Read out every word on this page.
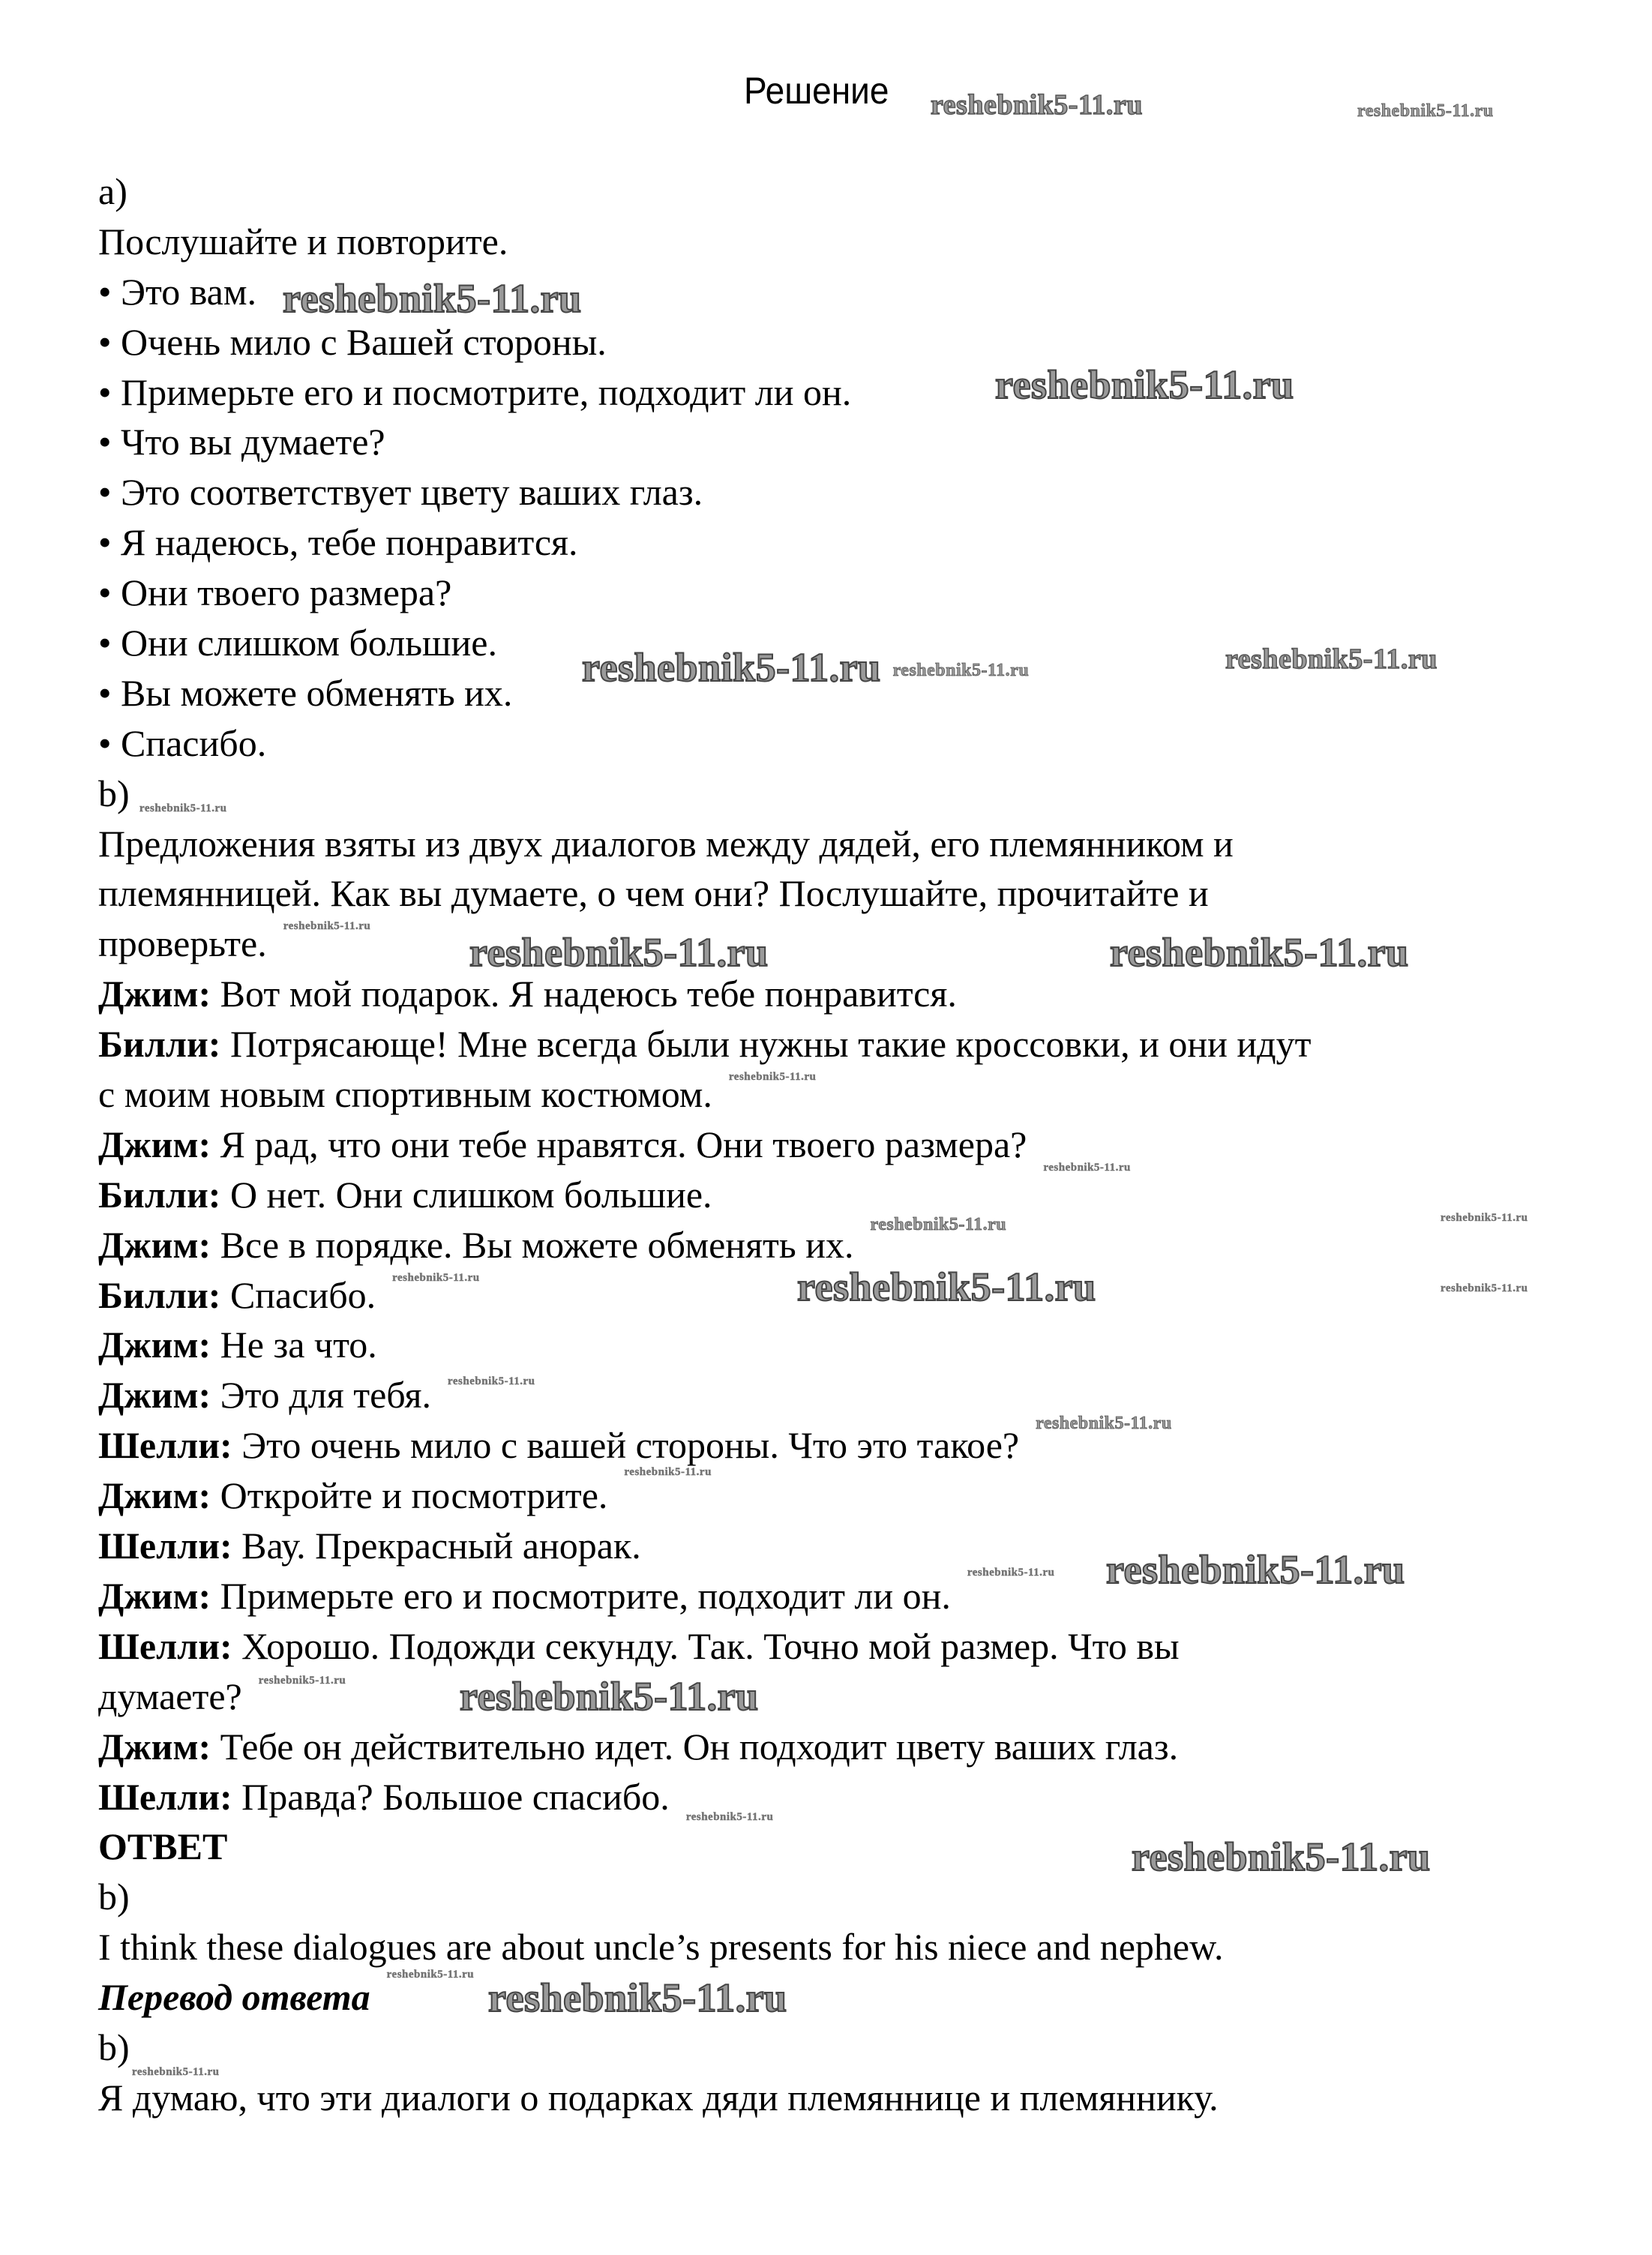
Решение
a)
Послушайте и повторите.
• Это вам.
• Очень мило с Вашей стороны.
• Примерьте его и посмотрите, подходит ли он.
• Что вы думаете?
• Это соответствует цвету ваших глаз.
• Я надеюсь, тебе понравится.
• Они твоего размера?
• Они слишком большие.
• Вы можете обменять их.
• Спасибо.
b)
Предложения взяты из двух диалогов между дядей, его племянником и
племянницей. Как вы думаете, о чем они? Послушайте, прочитайте и
проверьте.
Джим: Вот мой подарок. Я надеюсь тебе понравится.
Билли: Потрясающе! Мне всегда были нужны такие кроссовки, и они идут
с моим новым спортивным костюмом.
Джим: Я рад, что они тебе нравятся. Они твоего размера?
Билли: О нет. Они слишком большие.
Джим: Все в порядке. Вы можете обменять их.
Билли: Спасибо.
Джим: Не за что.
Джим: Это для тебя.
Шелли: Это очень мило с вашей стороны. Что это такое?
Джим: Откройте и посмотрите.
Шелли: Вау. Прекрасный анорак.
Джим: Примерьте его и посмотрите, подходит ли он.
Шелли: Хорошо. Подожди секунду. Так. Точно мой размер. Что вы
думаете?
Джим: Тебе он действительно идет. Он подходит цвету ваших глаз.
Шелли: Правда? Большое спасибо.
ОТВЕТ
b)
I think these dialogues are about uncle’s presents for his niece and nephew.
Перевод ответа
b)
Я думаю, что эти диалоги о подарках дяди племяннице и племяннику.
reshebnik5-11.ru	reshebnik5-11.ru
reshebnik5-11.ru
reshebnik5-11.ru
reshebnik5-11.ru reshebnik5-11.ru	reshebnik5-11.ru
reshebnik5-11.ru
reshebnik5-11.ru
reshebnik5-11.ru	reshebnik5-11.ru
reshebnik5-11.ru
reshebnik5-11.ru
reshebnik5-11.ru	reshebnik5-11.ru
reshebnik5-11.ru	reshebnik5-11.ru	reshebnik5-11.ru
reshebnik5-11.ru
reshebnik5-11.ru
reshebnik5-11.ru
reshebnik5-11.ru reshebnik5-11.ru
reshebnik5-11.ru	reshebnik5-11.ru
reshebnik5-11.ru
reshebnik5-11.ru
reshebnik5-11.ru
reshebnik5-11.ru
reshebnik5-11.ru
